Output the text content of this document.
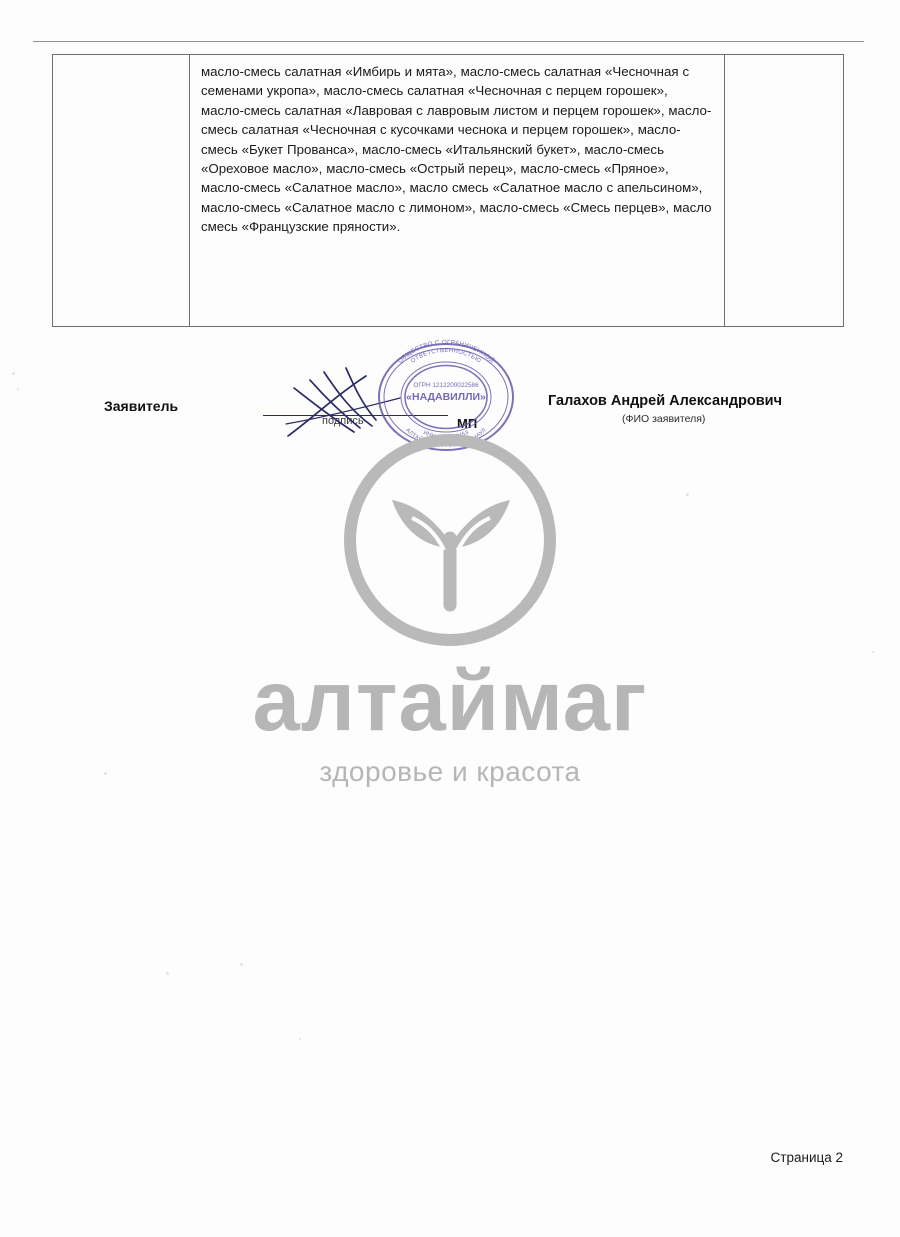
масло-смесь салатная «Имбирь и мята», масло-смесь салатная «Чесночная с семенами укропа», масло-смесь салатная «Чесночная с перцем горошек», масло-смесь салатная «Лавровая с лавровым листом и перцем горошек», масло-смесь салатная «Чесночная с кусочками чеснока и перцем горошек», масло-смесь «Букет Прованса», масло-смесь «Итальянский букет», масло-смесь «Ореховое масло», масло-смесь «Острый перец», масло-смесь «Пряное», масло-смесь «Салатное масло», масло смесь «Салатное масло с апельсином», масло-смесь «Салатное масло с лимоном», масло-смесь «Смесь перцев», масло смесь «Французские пряности».
Заявитель
подпись	МП
Галахов Андрей Александрович
(ФИО заявителя)
ОБЩЕСТВО С ОГРАНИЧЕННОЙ
ОТВЕТСТВЕННОСТЬЮ
АЛТАЙСКИЙ КРАЙ, Г. БАРНАУЛ
ИНН 2225203453
ОГРН 1212200022586
«НАДАВИЛЛИ»
алтаймаг
здоровье и красота
Страница 2
